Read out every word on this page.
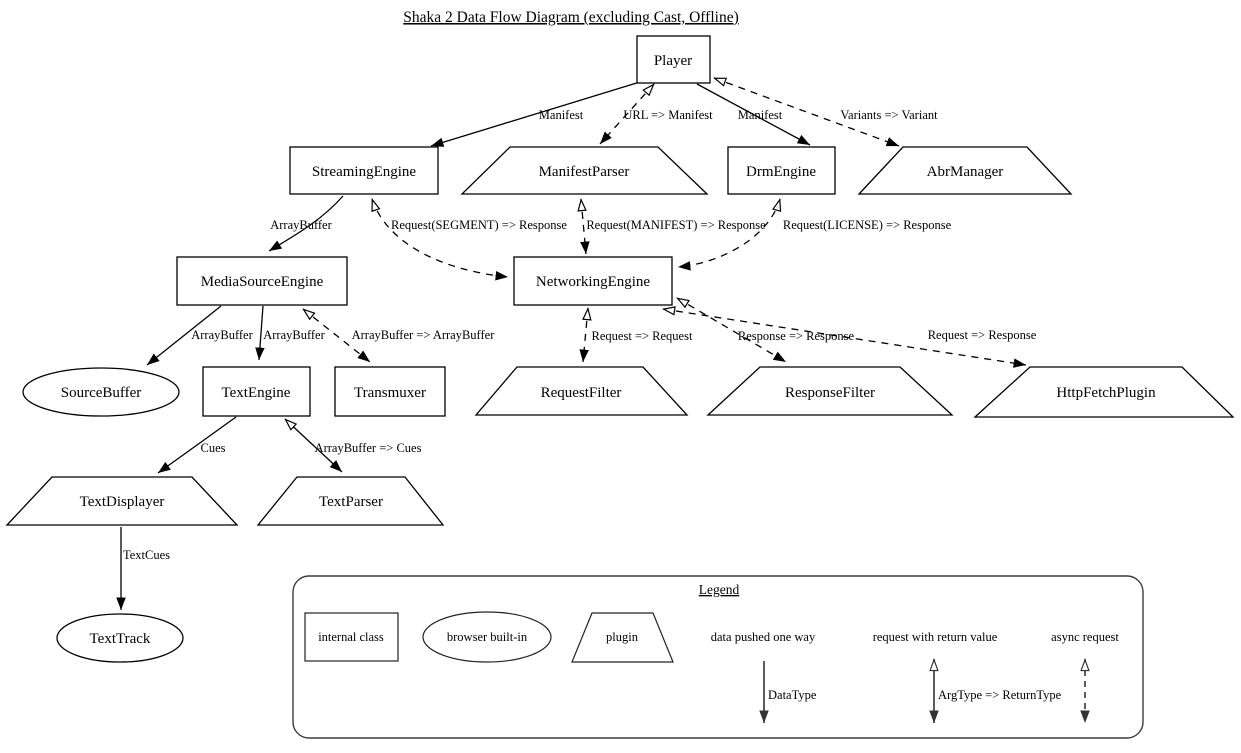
Shaka 2 Data Flow Diagram (excluding Cast, Offline)
Manifest	URL => Manifest Manifest	Variants => Variant
ArrayBuffer	Request(SEGMENT) => Response Request(MANIFEST) => Response Request(LICENSE) => Response
ArrayBuffer ArrayBuffer ArrayBuffer => ArrayBuffer	Request => Request	Response => Response	Request => Response
Cues	ArrayBuffer => Cues
TextCues
Player
StreamingEngine	ManifestParser	DrmEngine	AbrManager
MediaSourceEngine	NetworkingEngine
SourceBuffer	TextEngine	Transmuxer	RequestFilter	ResponseFilter	HttpFetchPlugin
TextDisplayer	TextParser
TextTrack
Legend
internal class	browser built-in	plugin	data pushed one way
DataType
request with return value
ArgType => ReturnType
async request
